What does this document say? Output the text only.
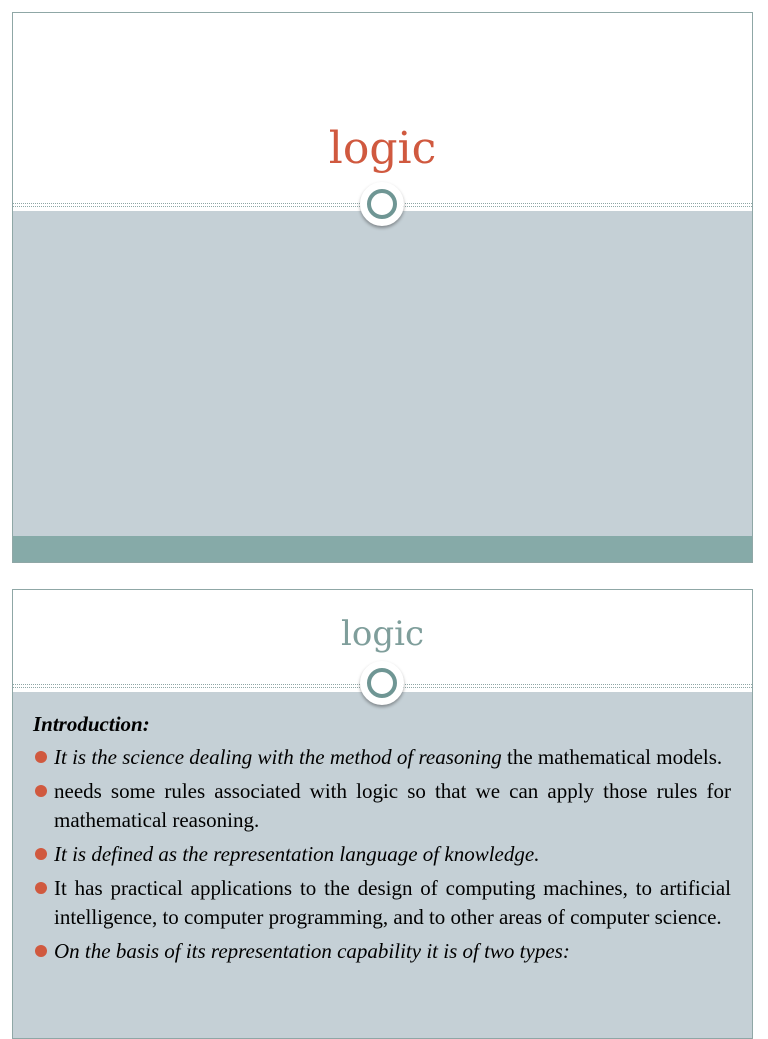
logic
logic
Introduction:
It is the science dealing with the method of reasoning the mathematical models.
needs some rules associated with logic so that we can apply those rules for mathematical reasoning.
It is defined as the representation language of knowledge.
It has practical applications to the design of computing machines, to artificial intelligence, to computer programming, and to other areas of computer science.
On the basis of its representation capability it is of two types:
